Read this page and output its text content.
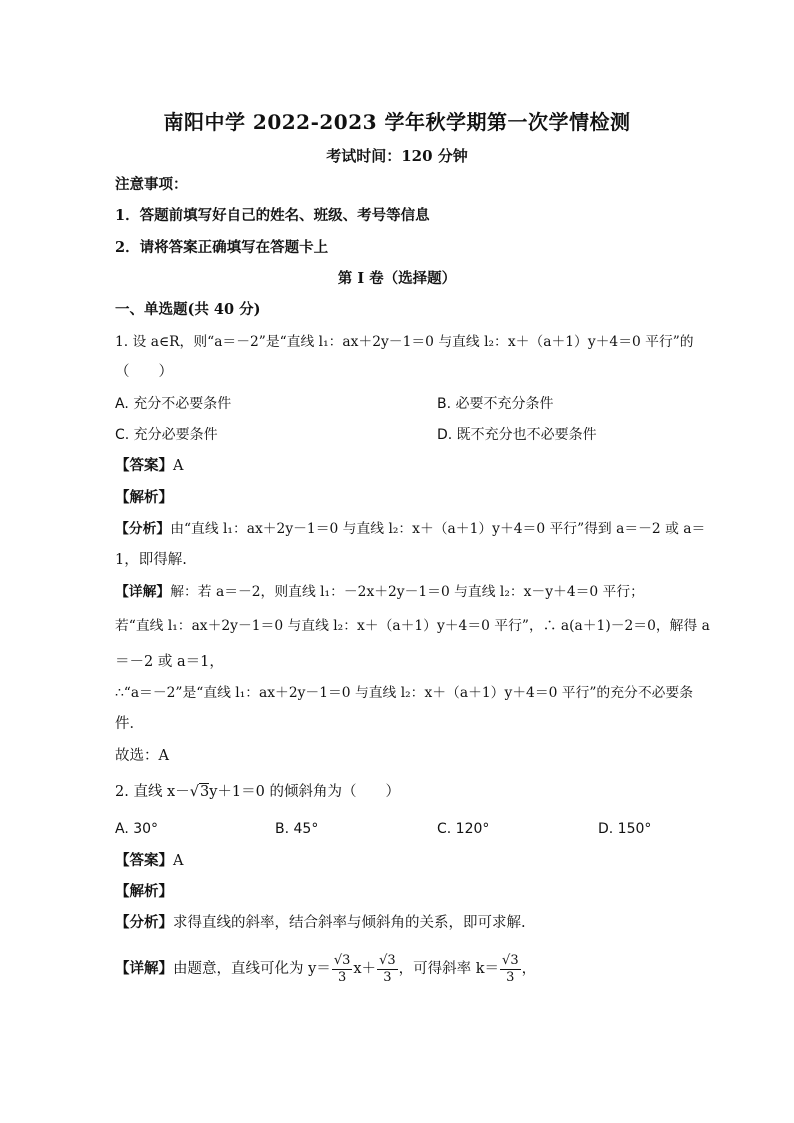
南阳中学 2022-2023 学年秋学期第一次学情检测
考试时间：120 分钟
注意事项：
1．答题前填写好自己的姓名、班级、考号等信息
2．请将答案正确填写在答题卡上
第 I 卷（选择题）
一、单选题(共 40 分)
1. 设 a∈R，则“a＝－2”是“直线 l₁：ax＋2y－1＝0 与直线 l₂：x＋（a＋1）y＋4＝0 平行”的
（　　）
A. 充分不必要条件	B. 必要不充分条件
C. 充分必要条件	D. 既不充分也不必要条件
【答案】A
【解析】
【分析】由“直线 l₁：ax＋2y－1＝0 与直线 l₂：x＋（a＋1）y＋4＝0 平行”得到 a＝－2 或 a＝
1，即得解.
【详解】解：若 a＝－2，则直线 l₁：－2x＋2y－1＝0 与直线 l₂：x－y＋4＝0 平行；
若“直线 l₁：ax＋2y－1＝0 与直线 l₂：x＋（a＋1）y＋4＝0 平行”，∴ a(a＋1)－2＝0，解得 a
＝－2 或 a＝1，
∴“a＝－2”是“直线 l₁：ax＋2y－1＝0 与直线 l₂：x＋（a＋1）y＋4＝0 平行”的充分不必要条
件．
故选：A
2. 直线 x－√3y＋1＝0 的倾斜角为（　　）
A. 30°	B. 45°	C. 120°	D. 150°
【答案】A
【解析】
【分析】求得直线的斜率，结合斜率与倾斜角的关系，即可求解.
【详解】由题意，直线可化为 $y= \frac{√3}{3} x+ \frac{√3}{3}$ ，可得斜率 $k= \frac{√3}{3}$ ，
